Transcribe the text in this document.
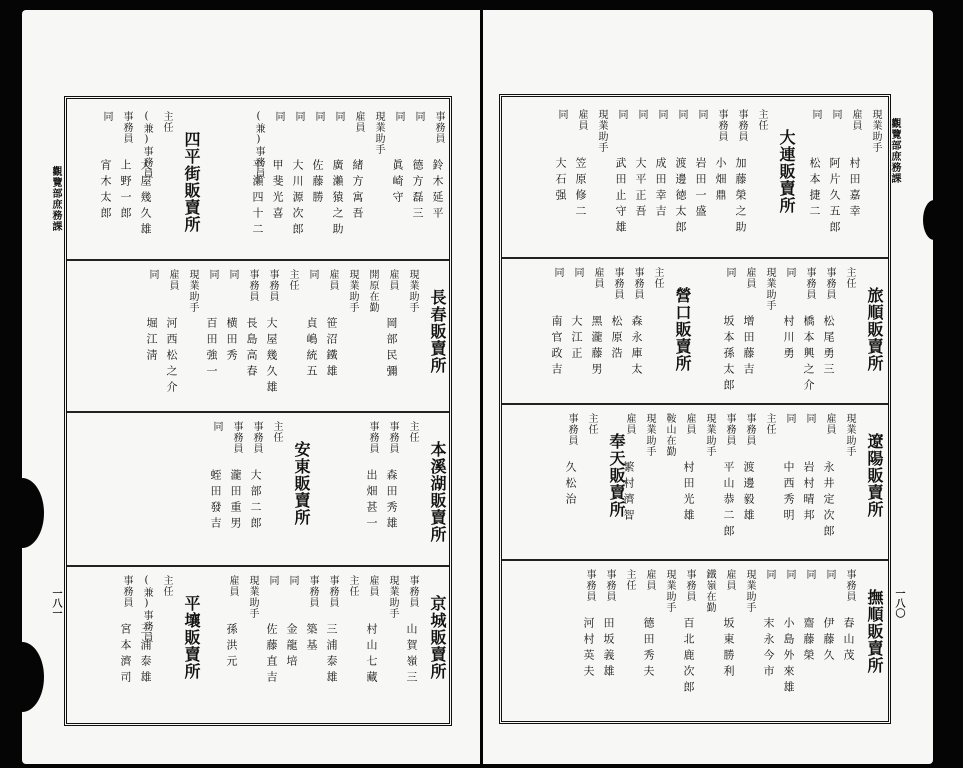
觀覽部庶務課
一八一
事務員
鈴木延平
同
德方磊三
同
眞崎守
現業助手
雇員
緒方寓吾
同
廣瀨猿之助
同
佐藤勝
同
大川源次郎
同
甲斐光喜
(兼)事務員
平瀨四十二
四平街販賣所
主任
(兼)事務員
大屋幾久雄
事務員
上野一郎
同
宵木太郎
長春販賣所
現業助手
雇員
岡部民彌
開原在勤
現業助手
雇員
笹沼鐵雄
同
貞嶋統五
主任
事務員
大屋幾久雄
事務員
長島高春
同
横田秀
同
百田強一
現業助手
雇員
河西松之介
同
堀江淸
本溪湖販賣所
主任
事務員
森田秀雄
事務員
出畑甚一
安東販賣所
主任
事務員
大部二郎
事務員
瀧田重男
同
蛭田發吉
平壤販賣所
主任
(兼)事務員
三浦泰雄
事務員
宮本濟司	京城販賣所
事務員
山賀嶺三
現業助手
雇員
村山七藏
主任
事務員
三浦泰雄
事務員
築基
同
金龍培
同
佐藤直吉
現業助手
雇員
孫洪元
觀覽部庶務課
一八〇
現業助手
雇員
村田嘉幸
同
阿片久五郎
同
松本捷二
大連販賣所
主任
事務員
加藤榮之助
事務員
小畑鼎
同
岩田一盛
同
渡邊徳太郎
同
成田幸吉
同
大平正吾
同
武田止守雄
現業助手
雇員
笠原修二
同
大石强
旅順販賣所
主任
事務員
松尾勇三
事務員
橋本興之介
同
村川勇
現業助手
雇員
增田藤吉
同
坂本孫太郎
營口販賣所
主任
事務員
森永庫太
事務員
松原浩
雇員
黑瀧藤男
同
大江正
同
南官政吉
遼陽販賣所
現業助手
雇員
永井定次郎
同
岩村晴邦
同
中西秀明
主任
事務員
渡邊毅雄
事務員
平山恭二郎
現業助手
雇員
村田光雄
鞍山在勤
現業助手
雇員
繁村濟智
奉天販賣所
主任
事務員
久松治
撫順販賣所
事務員
春山茂
同
伊藤久
同
齋藤榮
同
小島外來雄
同
末永今市
現業助手
雇員
坂東勝利
鐵嶺在勤
事務員
百北鹿次郎
現業助手
雇員
德田秀夫
主任
事務員
田坂義雄
事務員
河村英夫
